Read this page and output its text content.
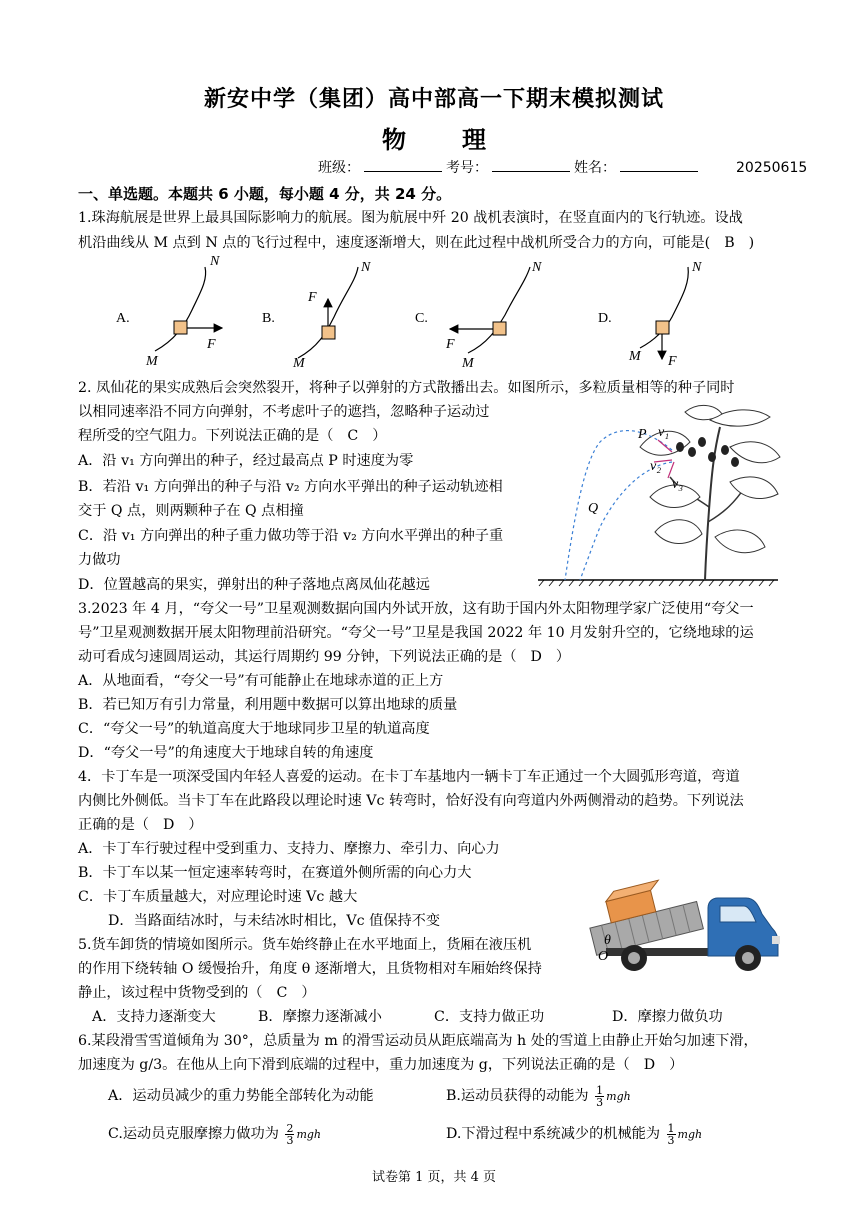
新安中学（集团）高中部高一下期末模拟测试
物 理
班级：	考号：	姓名：	20250615
一、单选题。本题共 6 小题，每小题 4 分，共 24 分。
1.珠海航展是世界上最具国际影响力的航展。图为航展中歼 20 战机表演时，在竖直面内的飞行轨迹。设战
机沿曲线从 M 点到 N 点的飞行过程中，速度逐渐增大，则在此过程中战机所受合力的方向，可能是( B )
A.
N
M
F
B.
N
M
F
C.
N
M
F
D.
N
M F
2. 凤仙花的果实成熟后会突然裂开，将种子以弹射的方式散播出去。如图所示，多粒质量相等的种子同时
以相同速率沿不同方向弹射，不考虑叶子的遮挡，忽略种子运动过
程所受的空气阻力。下列说法正确的是（ C ）
A．沿 v₁ 方向弹出的种子，经过最高点 P 时速度为零
B．若沿 v₁ 方向弹出的种子与沿 v₂ 方向水平弹出的种子运动轨迹相
交于 Q 点，则两颗种子在 Q 点相撞
C．沿 v₁ 方向弹出的种子重力做功等于沿 v₂ 方向水平弹出的种子重
力做功
D．位置越高的果实，弹射出的种子落地点离凤仙花越远
P
Q
v₁
v₂
v₃
3.2023 年 4 月，“夸父一号”卫星观测数据向国内外试开放，这有助于国内外太阳物理学家广泛使用“夸父一
号”卫星观测数据开展太阳物理前沿研究。“夸父一号”卫星是我国 2022 年 10 月发射升空的，它绕地球的运
动可看成匀速圆周运动，其运行周期约 99 分钟，下列说法正确的是（ D ）
A．从地面看，“夸父一号”有可能静止在地球赤道的正上方
B．若已知万有引力常量，利用题中数据可以算出地球的质量
C．“夸父一号”的轨道高度大于地球同步卫星的轨道高度
D．“夸父一号”的角速度大于地球自转的角速度
4．卡丁车是一项深受国内年轻人喜爱的运动。在卡丁车基地内一辆卡丁车正通过一个大圆弧形弯道，弯道
内侧比外侧低。当卡丁车在此路段以理论时速 Vc 转弯时，恰好没有向弯道内外两侧滑动的趋势。下列说法
正确的是（ D ）
A．卡丁车行驶过程中受到重力、支持力、摩擦力、牵引力、向心力
B．卡丁车以某一恒定速率转弯时，在赛道外侧所需的向心力大
C．卡丁车质量越大，对应理论时速 Vc 越大
D．当路面结冰时，与未结冰时相比，Vc 值保持不变
5.货车卸货的情境如图所示。货车始终静止在水平地面上，货厢在液压机
的作用下绕转轴 O 缓慢抬升，角度 θ 逐渐增大，且货物相对车厢始终保持
静止，该过程中货物受到的（ C ）
A．支持力逐渐变大	B．摩擦力逐渐减小	C．支持力做正功	D．摩擦力做负功
θ
O
6.某段滑雪雪道倾角为 30°，总质量为 m 的滑雪运动员从距底端高为 h 处的雪道上由静止开始匀加速下滑，
加速度为 g/3。在他从上向下滑到底端的过程中，重力加速度为 g，下列说法正确的是（ D ）
A．运动员减少的重力势能全部转化为动能	B.运动员获得的动能为 $\frac{1}{3}$ mgh
C.运动员克服摩擦力做功为 $\frac{2}{3}$ mgh	D.下滑过程中系统减少的机械能为 $\frac{1}{3}$ mgh
试卷第 1 页，共 4 页
